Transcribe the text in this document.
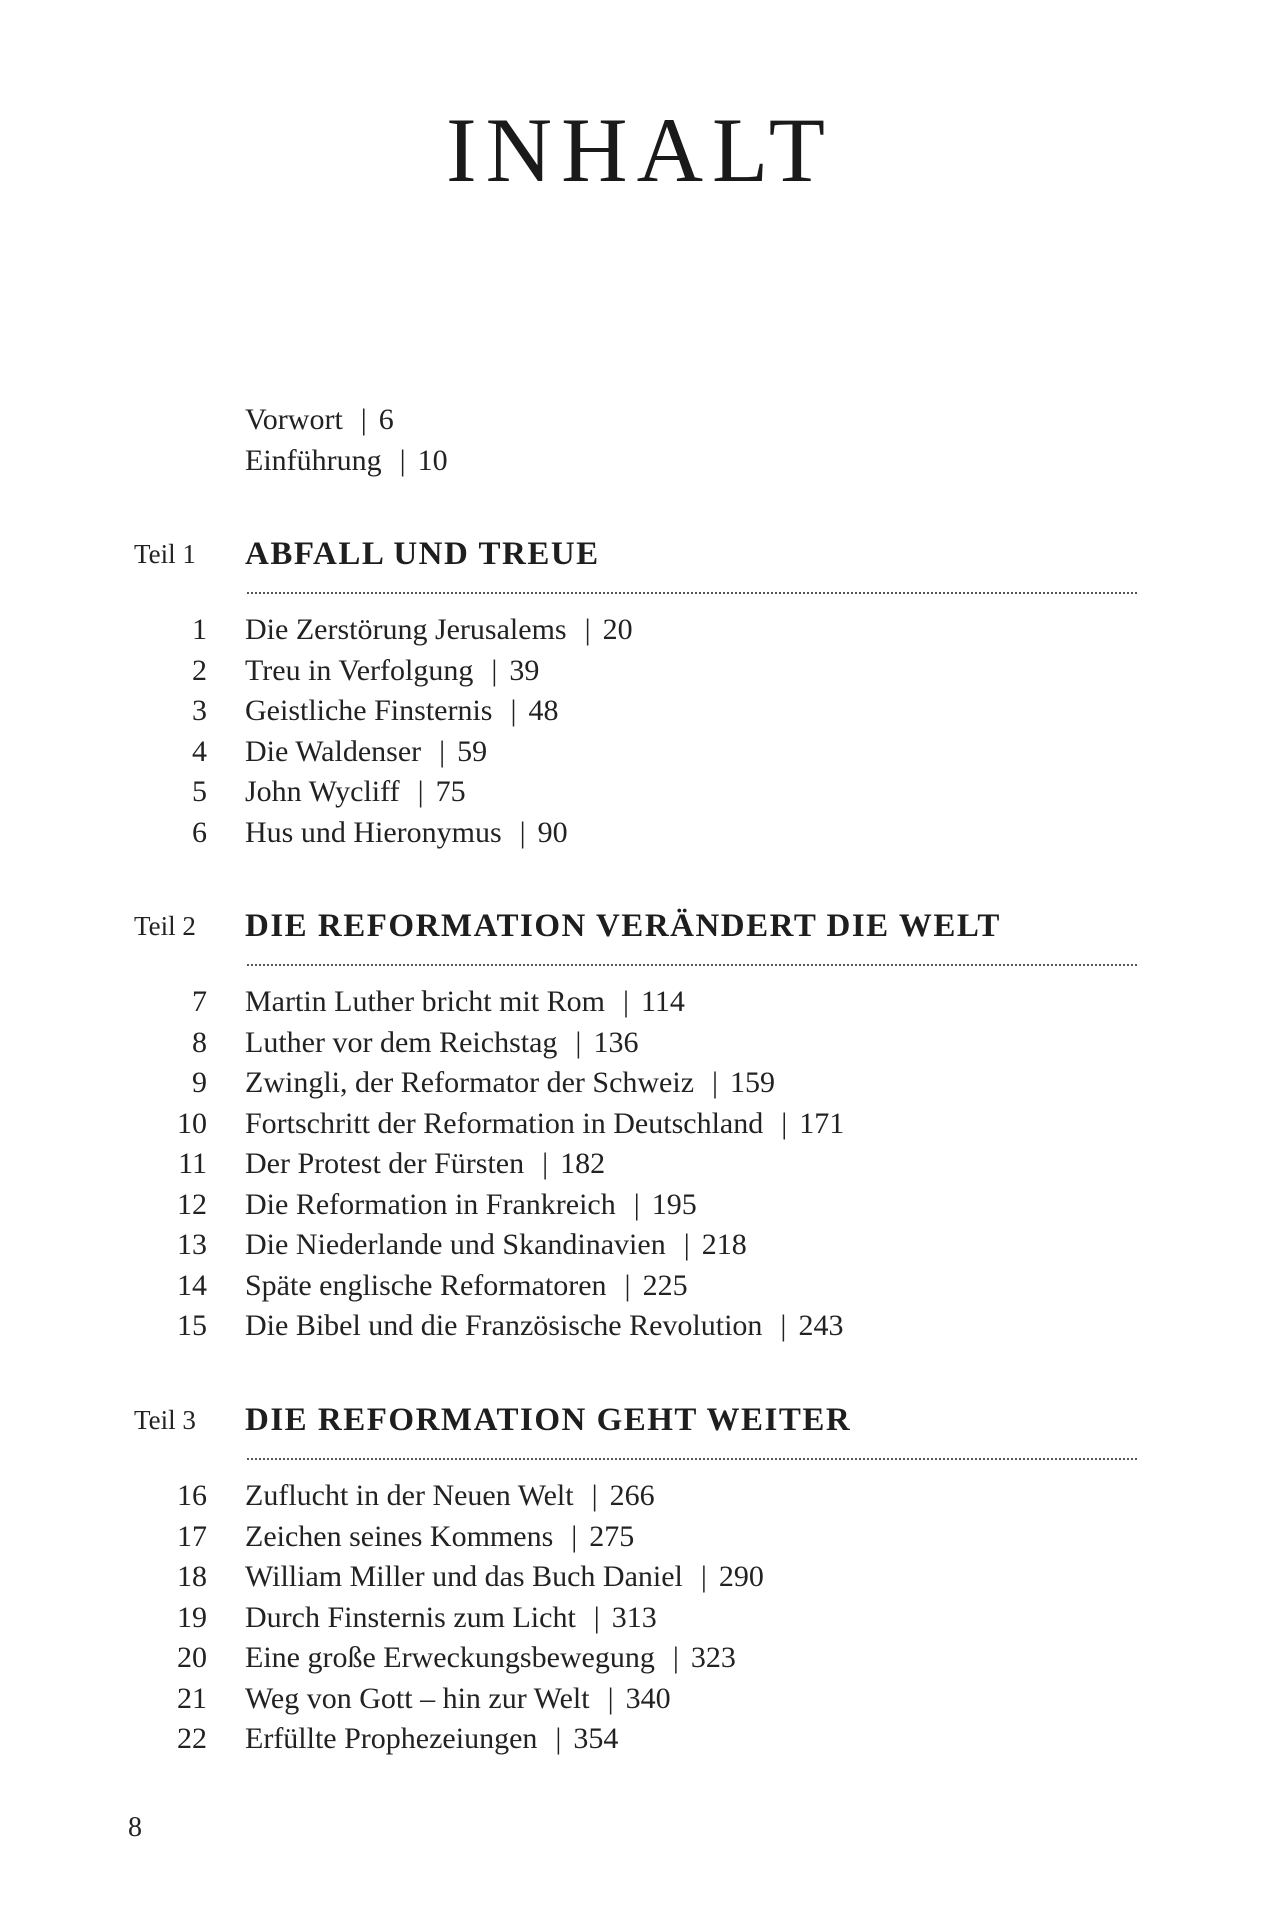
INHALT
Vorwort | 6
Einführung | 10
Teil 1 ABFALL UND TREUE
1 Die Zerstörung Jerusalems | 20
2 Treu in Verfolgung | 39
3 Geistliche Finsternis | 48
4 Die Waldenser | 59
5 John Wycliff | 75
6 Hus und Hieronymus | 90
Teil 2 DIE REFORMATION VERÄNDERT DIE WELT
7 Martin Luther bricht mit Rom | 114
8 Luther vor dem Reichstag | 136
9 Zwingli, der Reformator der Schweiz | 159
10 Fortschritt der Reformation in Deutschland | 171
11 Der Protest der Fürsten | 182
12 Die Reformation in Frankreich | 195
13 Die Niederlande und Skandinavien | 218
14 Späte englische Reformatoren | 225
15 Die Bibel und die Französische Revolution | 243
Teil 3 DIE REFORMATION GEHT WEITER
16 Zuflucht in der Neuen Welt | 266
17 Zeichen seines Kommens | 275
18 William Miller und das Buch Daniel | 290
19 Durch Finsternis zum Licht | 313
20 Eine große Erweckungsbewegung | 323
21 Weg von Gott – hin zur Welt | 340
22 Erfüllte Prophezeiungen | 354
8
